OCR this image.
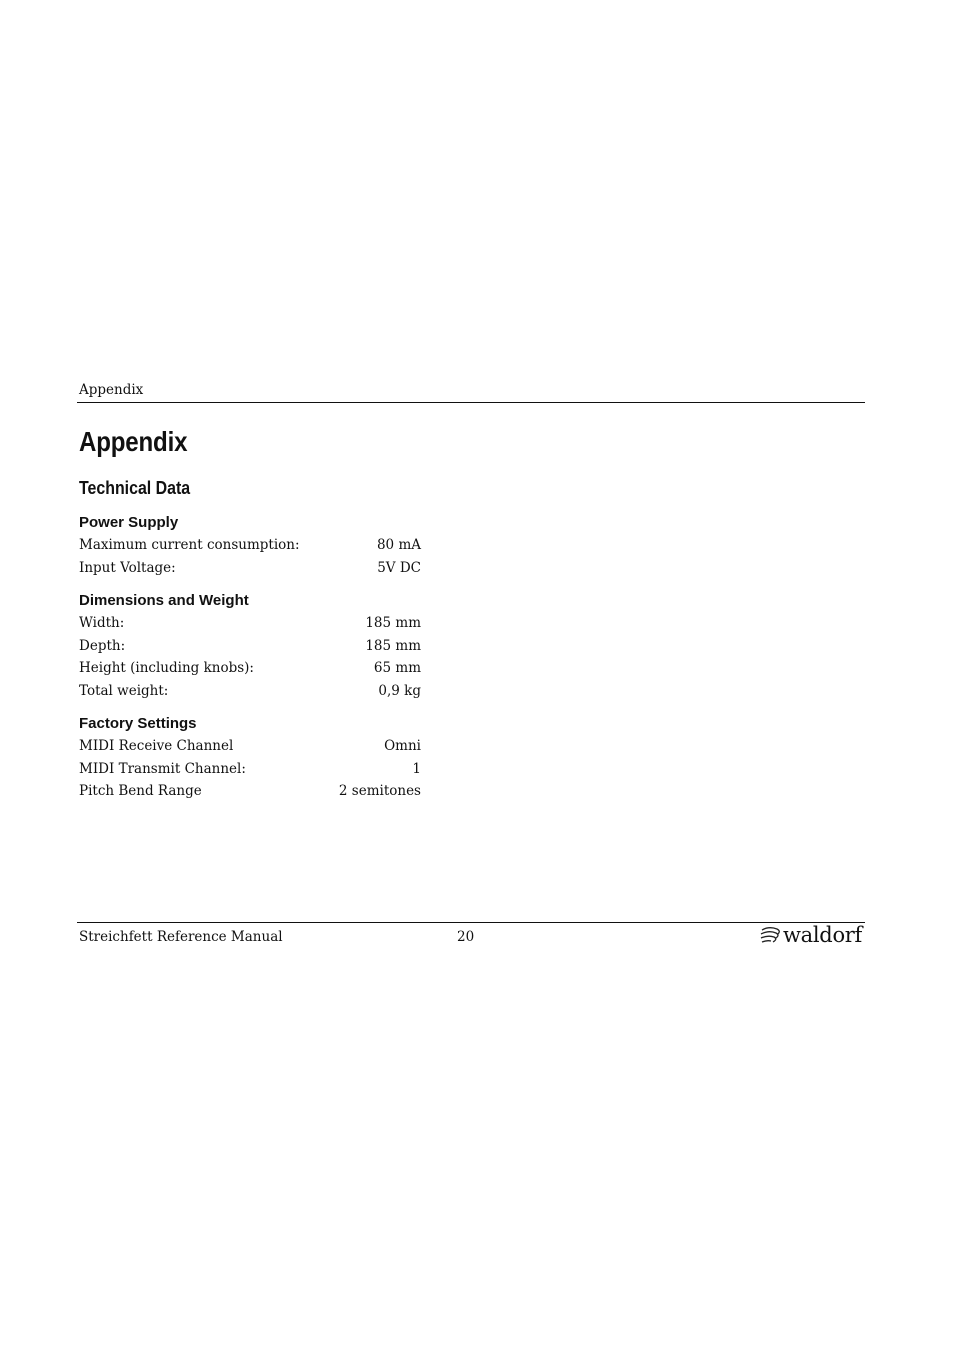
Appendix
Appendix
Technical Data
Power Supply
Maximum current consumption:	80 mA
Input Voltage:	5V DC
Dimensions and Weight
Width:	185 mm
Depth:	185 mm
Height (including knobs):	65 mm
Total weight:	0,9 kg
Factory Settings
MIDI Receive Channel	Omni
MIDI Transmit Channel:	1
Pitch Bend Range	2 semitones
Streichfett Reference Manual	20	waldorf
